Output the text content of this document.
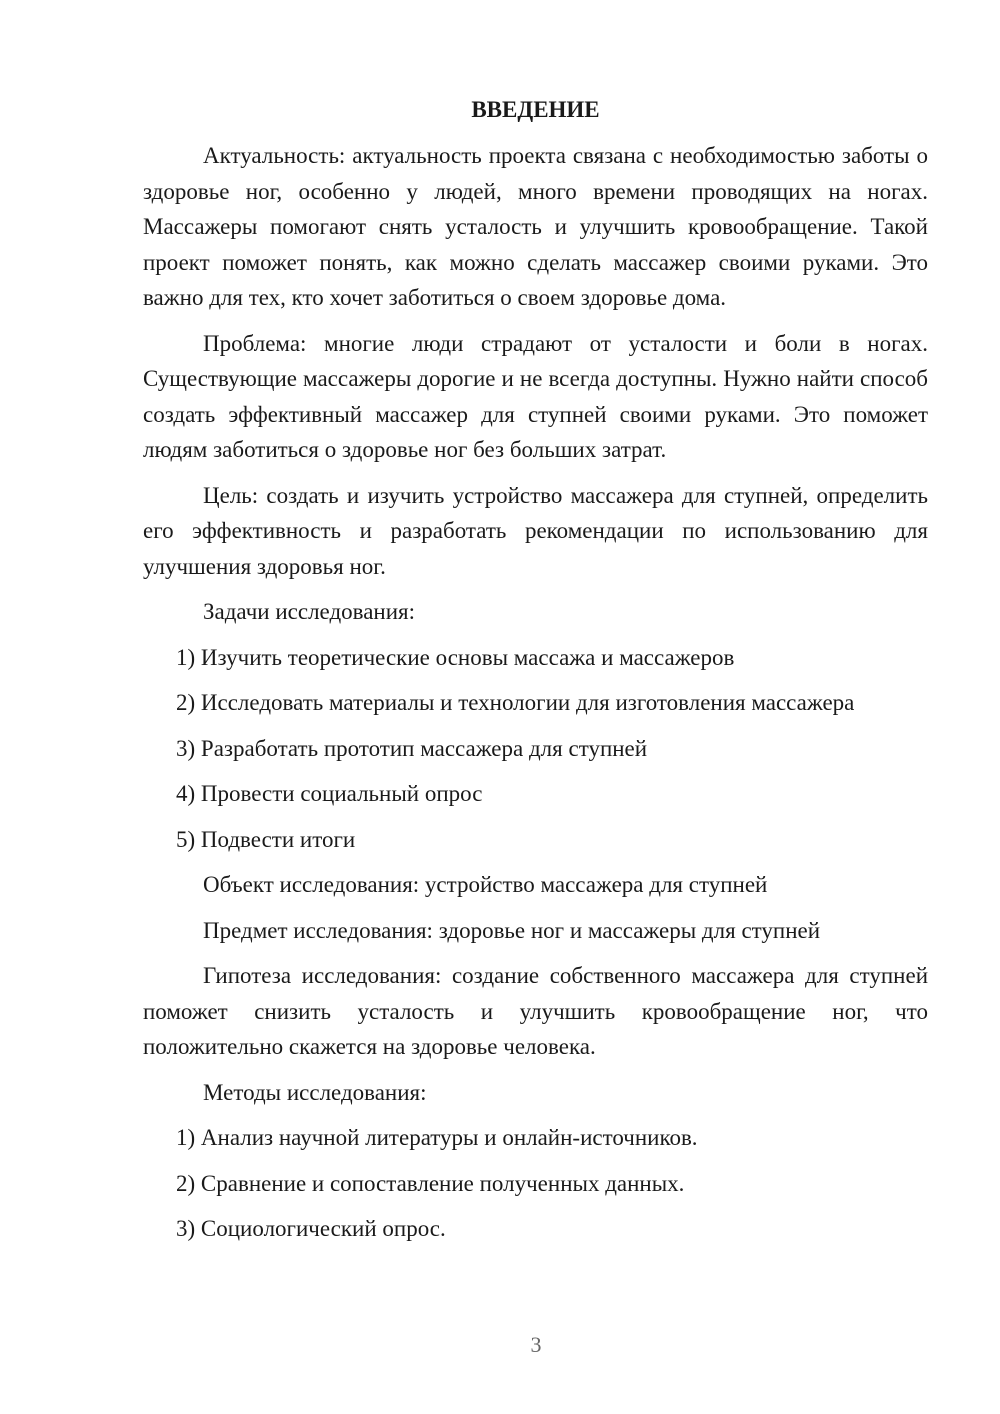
ВВЕДЕНИЕ

Актуальность: актуальность проекта связана с необходимостью заботы о здоровье ног, особенно у людей, много времени проводящих на ногах. Массажеры помогают снять усталость и улучшить кровообращение. Такой проект поможет понять, как можно сделать массажер своими руками. Это важно для тех, кто хочет заботиться о своем здоровье дома.

Проблема: многие люди страдают от усталости и боли в ногах. Существующие массажеры дорогие и не всегда доступны. Нужно найти способ создать эффективный массажер для ступней своими руками. Это поможет людям заботиться о здоровье ног без больших затрат.

Цель: создать и изучить устройство массажера для ступней, определить его эффективность и разработать рекомендации по использованию для улучшения здоровья ног.

Задачи исследования:
1) Изучить теоретические основы массажа и массажеров
2) Исследовать материалы и технологии для изготовления массажера
3) Разработать прототип массажера для ступней
4) Провести социальный опрос
5) Подвести итоги
Объект исследования: устройство массажера для ступней
Предмет исследования: здоровье ног и массажеры для ступней

Гипотеза исследования: создание собственного массажера для ступней поможет снизить усталость и улучшить кровообращение ног, что положительно скажется на здоровье человека.

Методы исследования:
1) Анализ научной литературы и онлайн-источников.
2) Сравнение и сопоставление полученных данных.
3) Социологический опрос.
3
